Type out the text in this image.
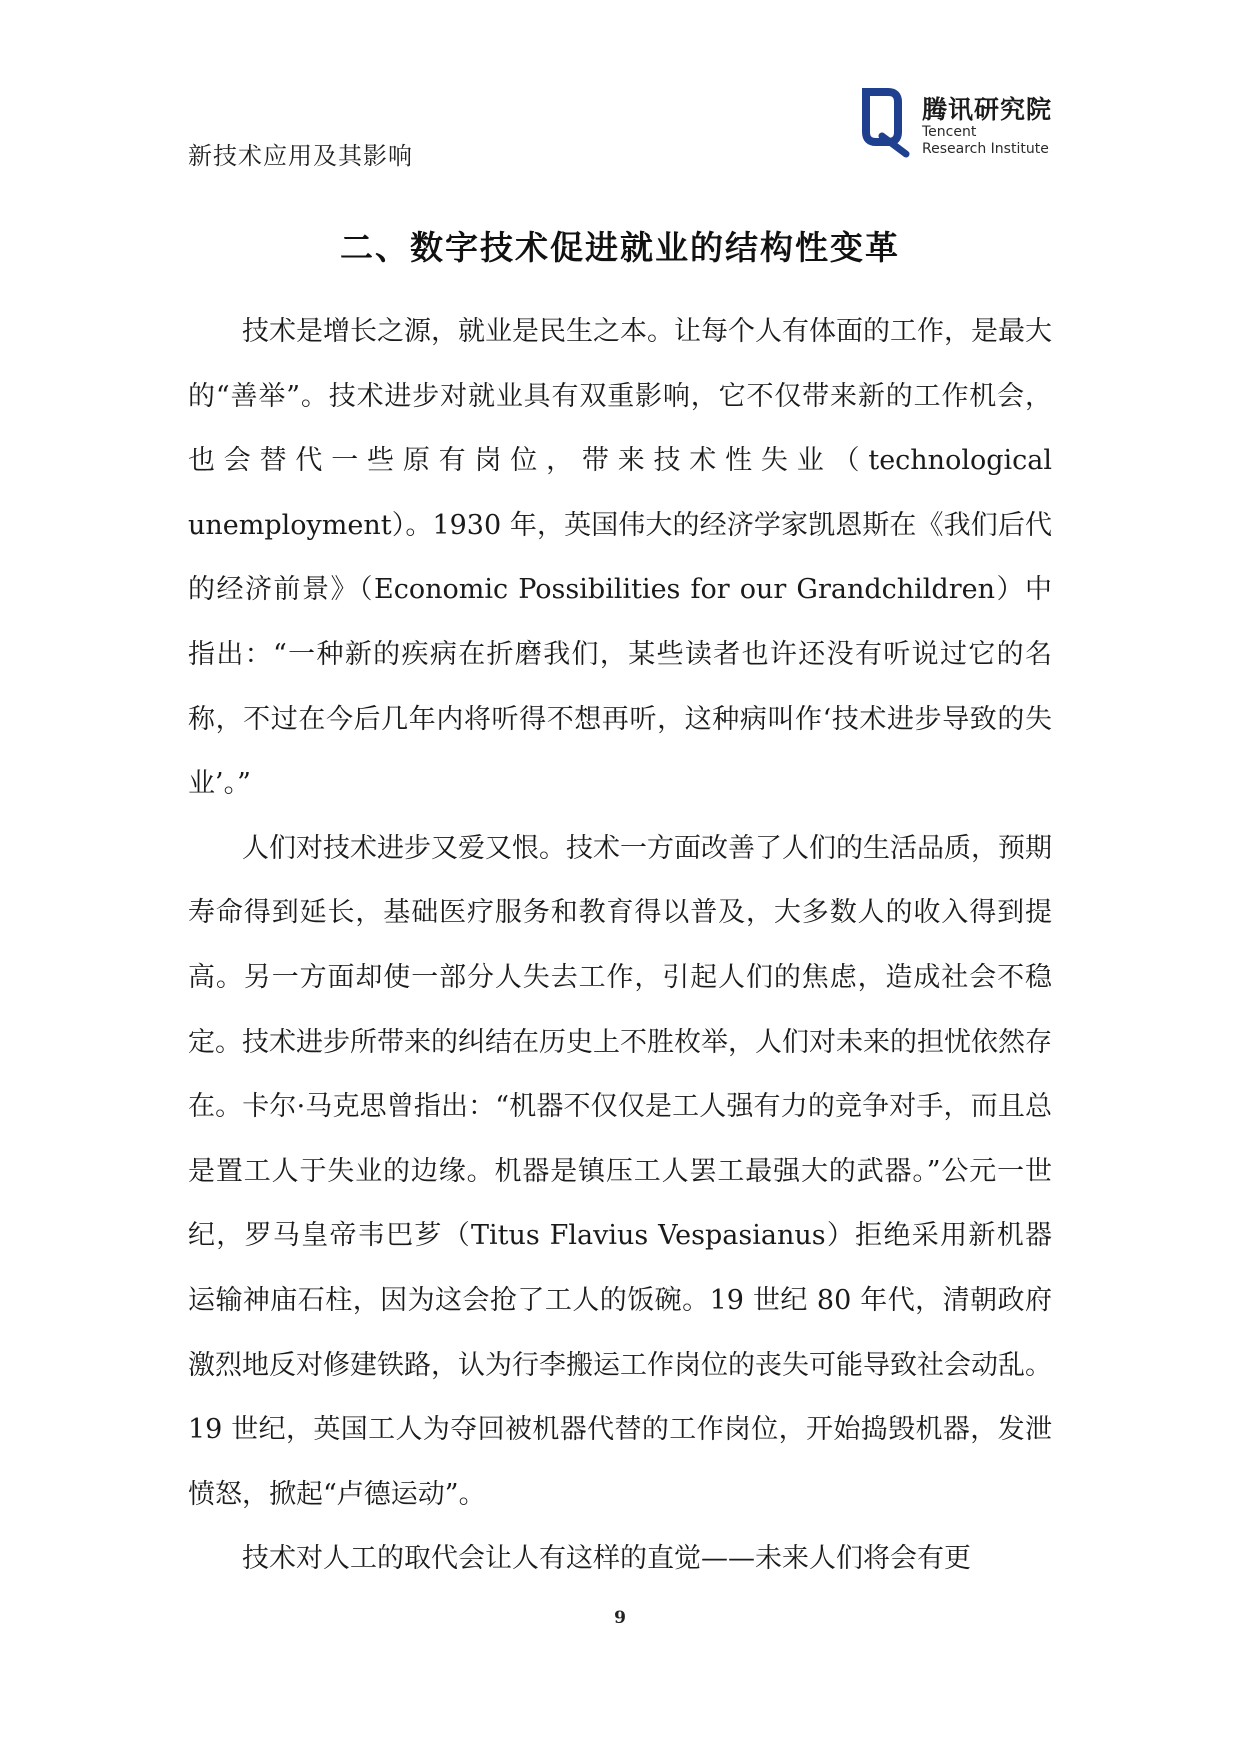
新技术应用及其影响
腾讯研究院
Tencent
Research Institute
二、数字技术促进就业的结构性变革

技术是增长之源，就业是民生之本。让每个人有体面的工作，是最大的“善举”。技术进步对就业具有双重影响，它不仅带来新的工作机会，也会替代一些原有岗位，带来技术性失业（technological unemployment）。1930 年，英国伟大的经济学家凯恩斯在《我们后代的经济前景》（Economic Possibilities for our Grandchildren）中指出：“一种新的疾病在折磨我们，某些读者也许还没有听说过它的名称，不过在今后几年内将听得不想再听，这种病叫作‘技术进步导致的失业’。”

人们对技术进步又爱又恨。技术一方面改善了人们的生活品质，预期寿命得到延长，基础医疗服务和教育得以普及，大多数人的收入得到提高。另一方面却使一部分人失去工作，引起人们的焦虑，造成社会不稳定。技术进步所带来的纠结在历史上不胜枚举，人们对未来的担忧依然存在。卡尔·马克思曾指出：“机器不仅仅是工人强有力的竞争对手，而且总是置工人于失业的边缘。机器是镇压工人罢工最强大的武器。”公元一世纪，罗马皇帝韦巴芗（Titus Flavius Vespasianus）拒绝采用新机器运输神庙石柱，因为这会抢了工人的饭碗。19 世纪 80 年代，清朝政府激烈地反对修建铁路，认为行李搬运工作岗位的丧失可能导致社会动乱。19 世纪，英国工人为夺回被机器代替的工作岗位，开始捣毁机器，发泄愤怒，掀起“卢德运动”。

技术对人工的取代会让人有这样的直觉——未来人们将会有更

9
